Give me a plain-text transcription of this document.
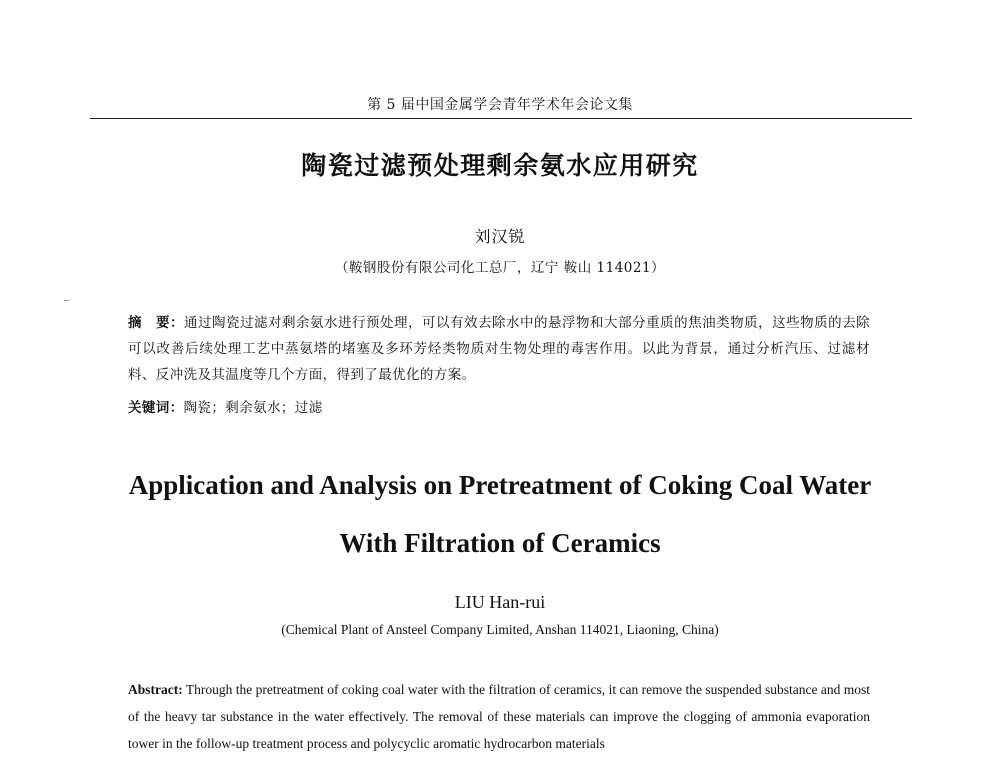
第 5 届中国金属学会青年学术年会论文集
陶瓷过滤预处理剩余氨水应用研究
刘汉锐
（鞍钢股份有限公司化工总厂，辽宁 鞍山 114021）
摘　要：通过陶瓷过滤对剩余氨水进行预处理，可以有效去除水中的悬浮物和大部分重质的焦油类物质，这些物质的去除可以改善后续处理工艺中蒸氨塔的堵塞及多环芳烃类物质对生物处理的毒害作用。以此为背景，通过分析汽压、过滤材料、反冲洗及其温度等几个方面，得到了最优化的方案。
关键词：陶瓷；剩余氨水；过滤
Application and Analysis on Pretreatment of Coking Coal Water
With Filtration of Ceramics
LIU Han-rui
(Chemical Plant of Ansteel Company Limited, Anshan 114021, Liaoning, China)
Abstract: Through the pretreatment of coking coal water with the filtration of ceramics, it can remove the suspended substance and most of the heavy tar substance in the water effectively. The removal of these materials can improve the clogging of ammonia evaporation tower in the follow-up treatment process and polycyclic aromatic hydrocarbon materials
